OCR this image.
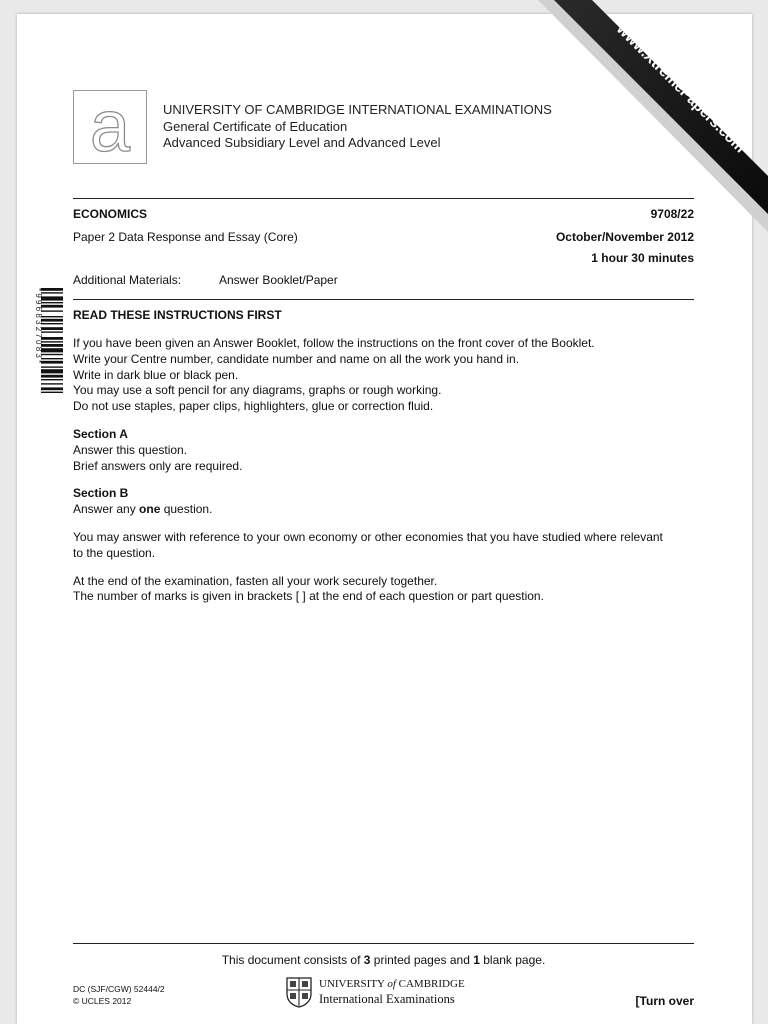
www.XtremePapers.com
a	UNIVERSITY OF CAMBRIDGE INTERNATIONAL EXAMINATIONS
General Certificate of Education
Advanced Subsidiary Level and Advanced Level
ECONOMICS	9708/22
Paper 2 Data Response and Essay (Core)	October/November 2012
1 hour 30 minutes
Additional Materials:	Answer Booklet/Paper
* 9 9 6 8 3 2 7 0 8 3 *	READ THESE INSTRUCTIONS FIRST

If you have been given an Answer Booklet, follow the instructions on the front cover of the Booklet.

Write your Centre number, candidate number and name on all the work you hand in.

Write in dark blue or black pen.

You may use a soft pencil for any diagrams, graphs or rough working.

Do not use staples, paper clips, highlighters, glue or correction fluid.

Section A

Answer this question.

Brief answers only are required.

Section B

Answer any one question.

You may answer with reference to your own economy or other economies that you have studied where relevant

to the question.

At the end of the examination, fasten all your work securely together.

The number of marks is given in brackets [ ] at the end of each question or part question.

This document consists of 3 printed pages and 1 blank page.
DC (SJF/CGW) 52444/2
© UCLES 2012
UNIVERSITY of CAMBRIDGE
International Examinations	[Turn over
